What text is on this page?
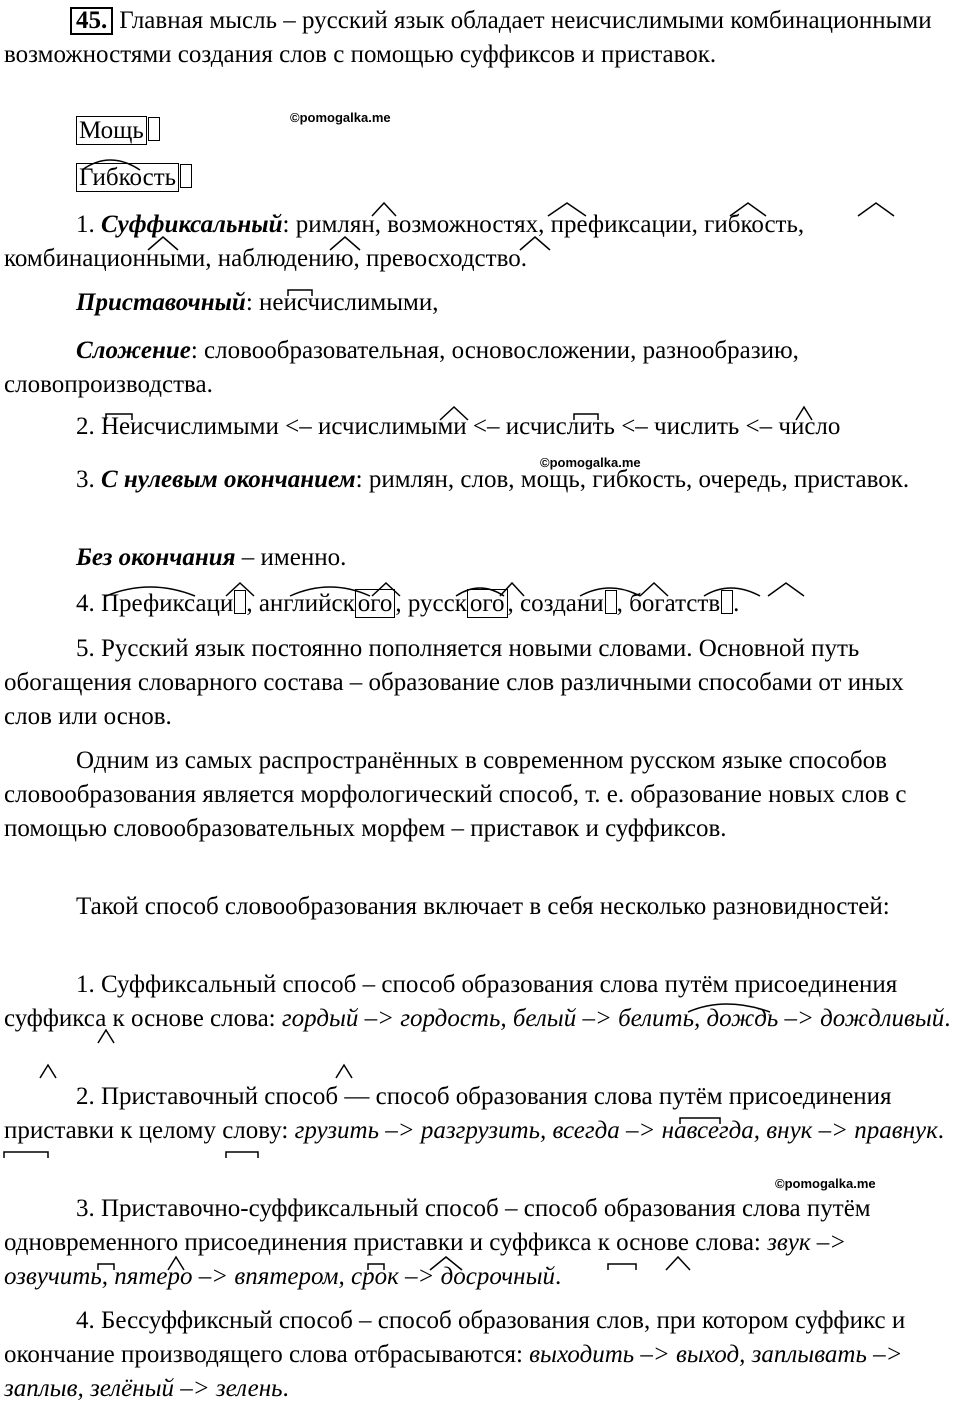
45. Главная мысль – русский язык обладает неисчислимыми комбинационными возможностями создания слов с помощью суффиксов и приставок.

©pomogalka.me
Мощь
Гибкость

1. Суффиксальный: римлян, возможностях, префиксации, гибкость, комбинационными, наблюдению, превосходство.

Приставочный: неисчислимыми,

Сложение: словообразовательная, основосложении, разнообразию, словопроизводства.

2. Неисчислимыми <– исчислимыми <– исчислить <– числить <– число

©pomogalka.me

3. С нулевым окончанием: римлян, слов, мощь, гибкость, очередь, приставок.

Без окончания – именно.

4. Префиксаци , английск ого , русск ого , создани , богатств .

5. Русский язык постоянно пополняется новыми словами. Основной путь обогащения словарного состава – образование слов различными способами от иных слов или основ.

Одним из самых распространённых в современном русском языке способов словообразования является морфологический способ, т. е. образование новых слов с помощью словообразовательных морфем – приставок и суффиксов.

Такой способ словообразования включает в себя несколько разновидностей:

1. Суффиксальный способ – способ образования слова путём присоединения суффикса к основе слова: гордый –> гордость, белый –> белить, дождь –> дождливый.

2. Приставочный способ — способ образования слова путём присоединения приставки к целому слову: грузить –> разгрузить, всегда –> навсегда, внук –> правнук.

©pomogalka.me

3. Приставочно-суффиксальный способ – способ образования слова путём одновременного присоединения приставки и суффикса к основе слова: звук –> озвучить, пятеро –> впятером, срок –> досрочный.

4. Бессуффиксный способ – способ образования слов, при котором суффикс и окончание производящего слова отбрасываются: выходить –> выход, заплывать –> заплыв, зелёный –> зелень.
